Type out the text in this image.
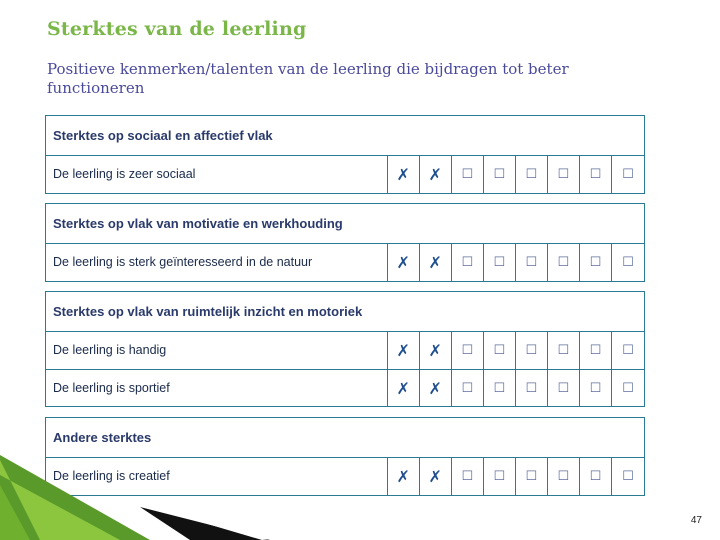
Sterktes van de leerling
Positieve kenmerken/talenten van de leerling die bijdragen tot beter functioneren
Sterktes op sociaal en affectief vlak
De leerling is zeer sociaal	✗	✗	☐	☐	☐	☐	☐	☐
Sterktes op vlak van motivatie en werkhouding
De leerling is sterk geïnteresseerd in de natuur	✗	✗	☐	☐	☐	☐	☐	☐
Sterktes op vlak van ruimtelijk inzicht en motoriek
De leerling is handig	✗	✗	☐	☐	☐	☐	☐	☐
De leerling is sportief	✗	✗	☐	☐	☐	☐	☐	☐
Andere sterktes
De leerling is creatief	✗	✗	☐	☐	☐	☐	☐	☐
47
